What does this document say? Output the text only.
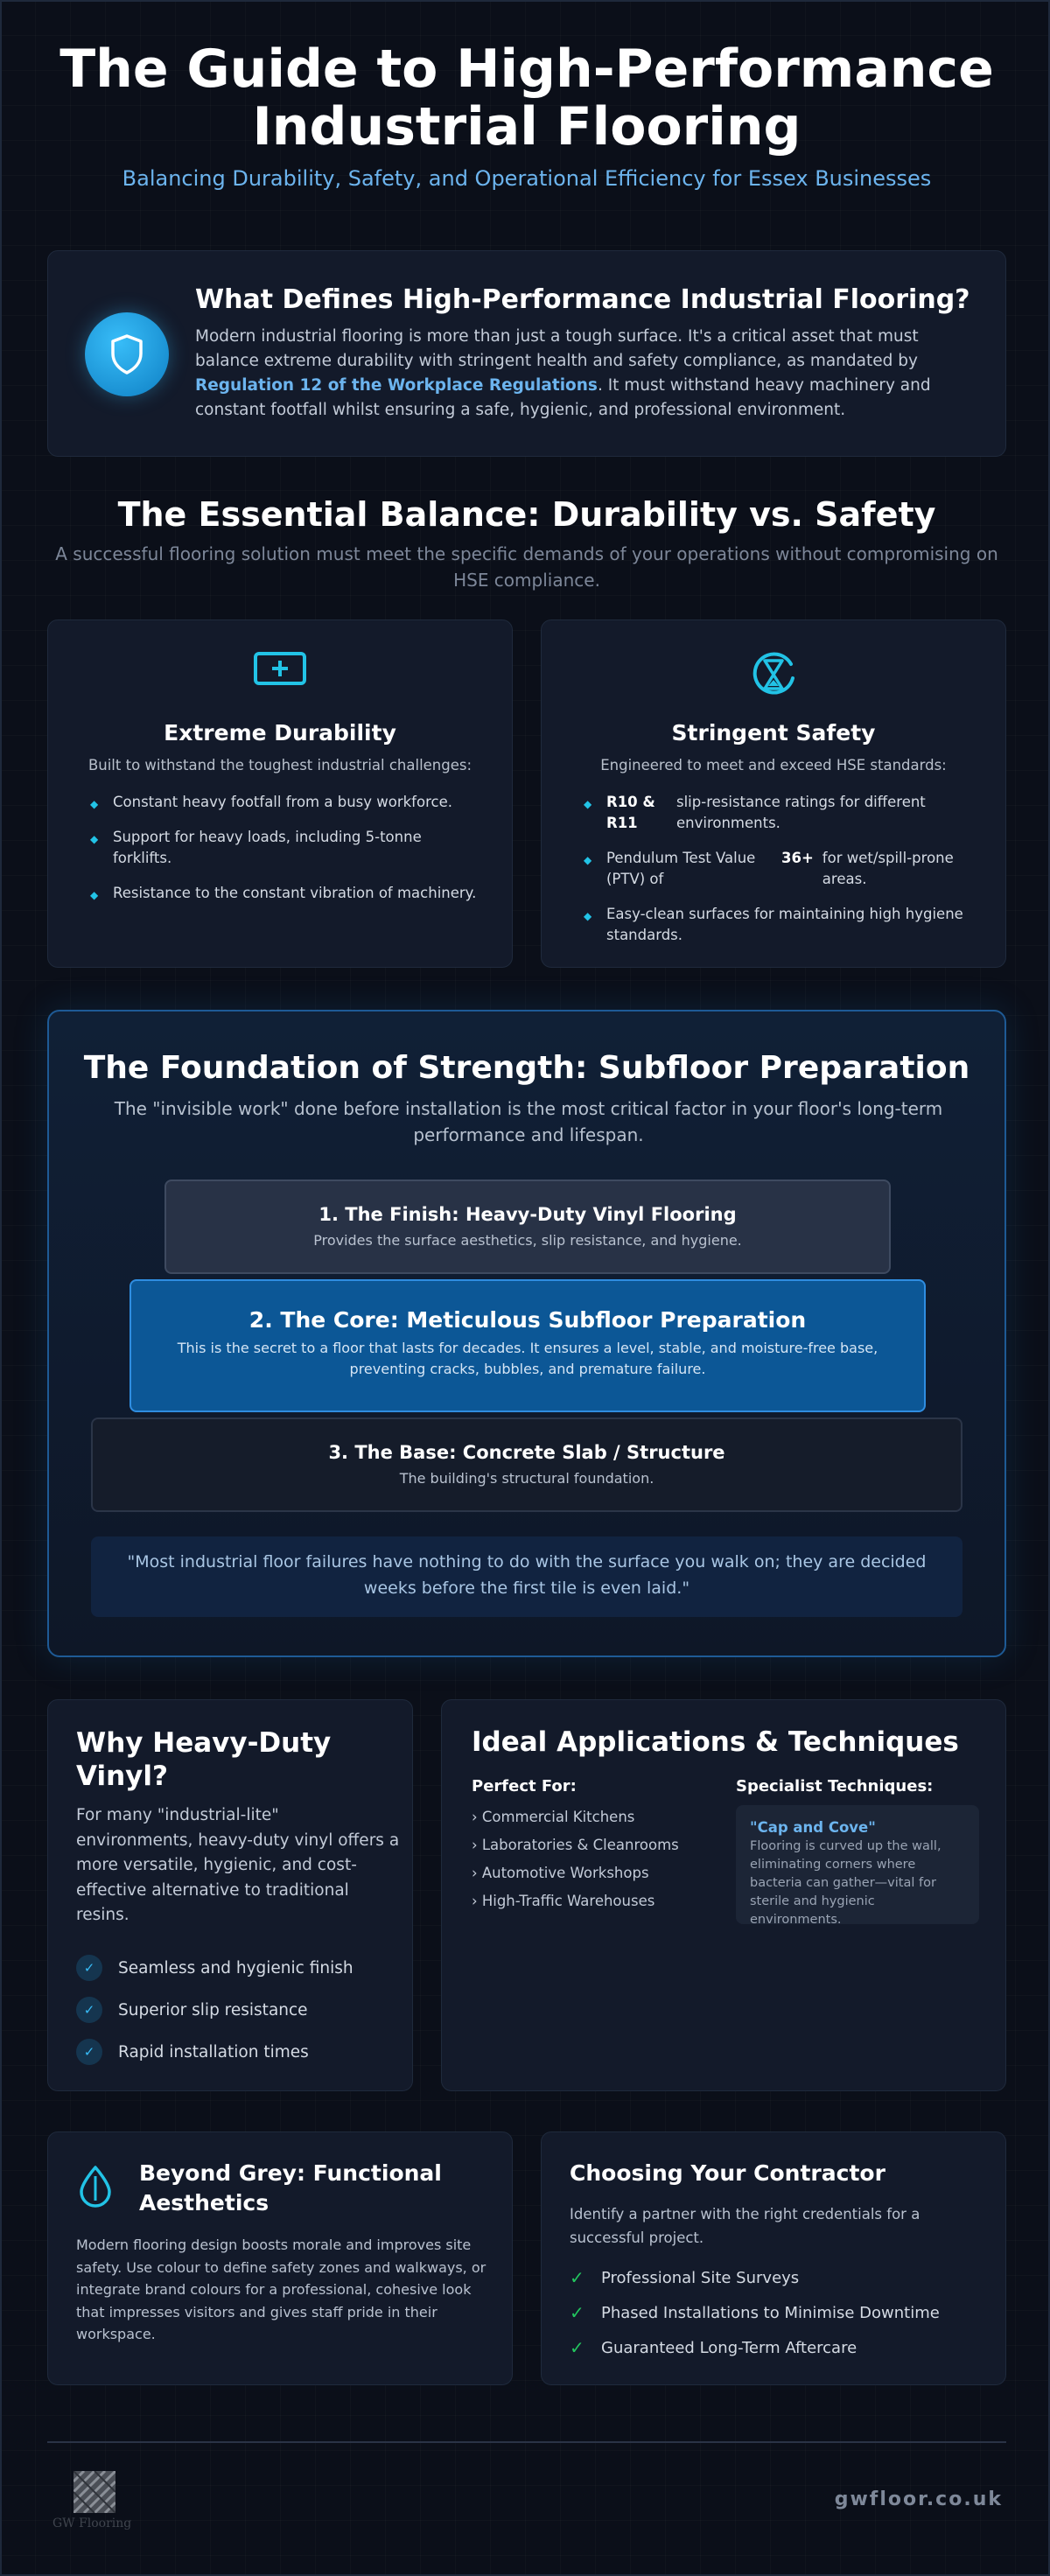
The Guide to High-Performance
Industrial Flooring
Balancing Durability, Safety, and Operational Efficiency for Essex Businesses
What Defines High-Performance Industrial Flooring?

Modern industrial flooring is more than just a tough surface. It's a critical asset that must balance extreme durability with stringent health and safety compliance, as mandated by Regulation 12 of the Workplace Regulations. It must withstand heavy machinery and constant footfall whilst ensuring a safe, hygienic, and professional environment.

The Essential Balance: Durability vs. Safety

A successful flooring solution must meet the specific demands of your operations without compromising on HSE compliance.

Extreme Durability
Built to withstand the toughest industrial challenges:
◆ Constant heavy footfall from a busy workforce.
◆ Support for heavy loads, including 5-tonne forklifts.
◆ Resistance to the constant vibration of machinery.
Stringent Safety
Engineered to meet and exceed HSE standards:
◆ R10 & R11
slip-resistance ratings for different environments.
◆ Pendulum Test Value (PTV) of
36+ for wet/spill-prone areas.
◆ Easy-clean surfaces for maintaining high hygiene standards.
The Foundation of Strength: Subfloor Preparation

The "invisible work" done before installation is the most critical factor in your floor's long-term performance and lifespan.

1. The Finish: Heavy-Duty Vinyl Flooring
Provides the surface aesthetics, slip resistance, and hygiene.
2. The Core: Meticulous Subfloor Preparation
This is the secret to a floor that lasts for decades. It ensures a level, stable, and moisture-free base, preventing cracks, bubbles, and premature failure.
3. The Base: Concrete Slab / Structure
The building's structural foundation.
"Most industrial floor failures have nothing to do with the surface you walk on; they are decided weeks before the first tile is even laid."
Why Heavy-Duty Vinyl?

For many "industrial-lite" environments, heavy-duty vinyl offers a more versatile, hygienic, and cost-effective alternative to traditional resins.

✓	Seamless and hygienic finish
✓	Superior slip resistance
✓	Rapid installation times
Ideal Applications & Techniques
Perfect For:
› Commercial Kitchens
› Laboratories & Cleanrooms
› Automotive Workshops
› High-Traffic Warehouses
Specialist Techniques:
"Cap and Cove"
Flooring is curved up the wall, eliminating corners where bacteria can gather—vital for sterile and hygienic environments.
Beyond Grey: Functional Aesthetics

Modern flooring design boosts morale and improves site safety. Use colour to define safety zones and walkways, or integrate brand colours for a professional, cohesive look that impresses visitors and gives staff pride in their workspace.

Choosing Your Contractor

Identify a partner with the right credentials for a successful project.

✓	Professional Site Surveys
✓	Phased Installations to Minimise Downtime
✓	Guaranteed Long-Term Aftercare
GW Flooring
gwfloor.co.uk
